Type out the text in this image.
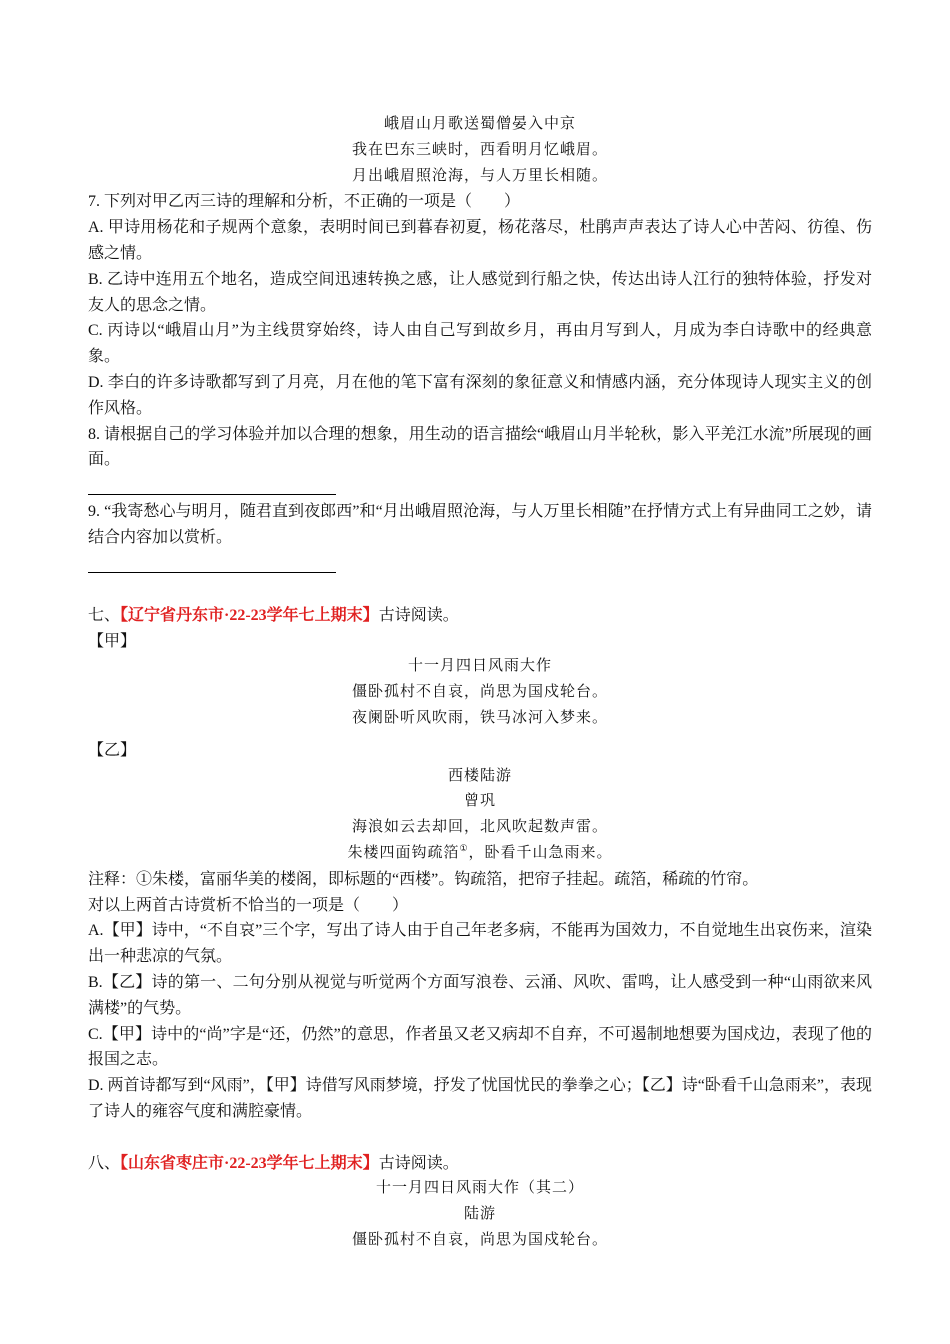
峨眉山月歌送蜀僧晏入中京
我在巴东三峡时，西看明月忆峨眉。
月出峨眉照沧海，与人万里长相随。
7. 下列对甲乙丙三诗的理解和分析，不正确的一项是（　　）
A. 甲诗用杨花和子规两个意象，表明时间已到暮春初夏，杨花落尽，杜鹃声声表达了诗人心中苦闷、彷徨、伤感之情。
B. 乙诗中连用五个地名，造成空间迅速转换之感，让人感觉到行船之快，传达出诗人江行的独特体验，抒发对友人的思念之情。
C. 丙诗以“峨眉山月”为主线贯穿始终，诗人由自己写到故乡月，再由月写到人，月成为李白诗歌中的经典意象。
D. 李白的许多诗歌都写到了月亮，月在他的笔下富有深刻的象征意义和情感内涵，充分体现诗人现实主义的创作风格。
8. 请根据自己的学习体验并加以合理的想象，用生动的语言描绘“峨眉山月半轮秋，影入平羌江水流”所展现的画面。
9. “我寄愁心与明月，随君直到夜郎西”和“月出峨眉照沧海，与人万里长相随”在抒情方式上有异曲同工之妙，请结合内容加以赏析。
七、【辽宁省丹东市·22-23学年七上期末】古诗阅读。
【甲】
十一月四日风雨大作
僵卧孤村不自哀，尚思为国戍轮台。
夜阑卧听风吹雨，铁马冰河入梦来。
【乙】
西楼陆游
曾巩
海浪如云去却回，北风吹起数声雷。
朱楼四面钩疏箔①，卧看千山急雨来。
注释：①朱楼，富丽华美的楼阁，即标题的“西楼”。钩疏箔，把帘子挂起。疏箔，稀疏的竹帘。
对以上两首古诗赏析不恰当的一项是（　　）
A.【甲】诗中，“不自哀”三个字，写出了诗人由于自己年老多病，不能再为国效力，不自觉地生出哀伤来，渲染出一种悲凉的气氛。
B.【乙】诗的第一、二句分别从视觉与听觉两个方面写浪卷、云涌、风吹、雷鸣，让人感受到一种“山雨欲来风满楼”的气势。
C.【甲】诗中的“尚”字是“还，仍然”的意思，作者虽又老又病却不自弃，不可遏制地想要为国戍边，表现了他的报国之志。
D. 两首诗都写到“风雨”，【甲】诗借写风雨梦境，抒发了忧国忧民的拳拳之心；【乙】诗“卧看千山急雨来”，表现了诗人的雍容气度和满腔豪情。
八、【山东省枣庄市·22-23学年七上期末】古诗阅读。
十一月四日风雨大作（其二）
陆游
僵卧孤村不自哀，尚思为国戍轮台。
